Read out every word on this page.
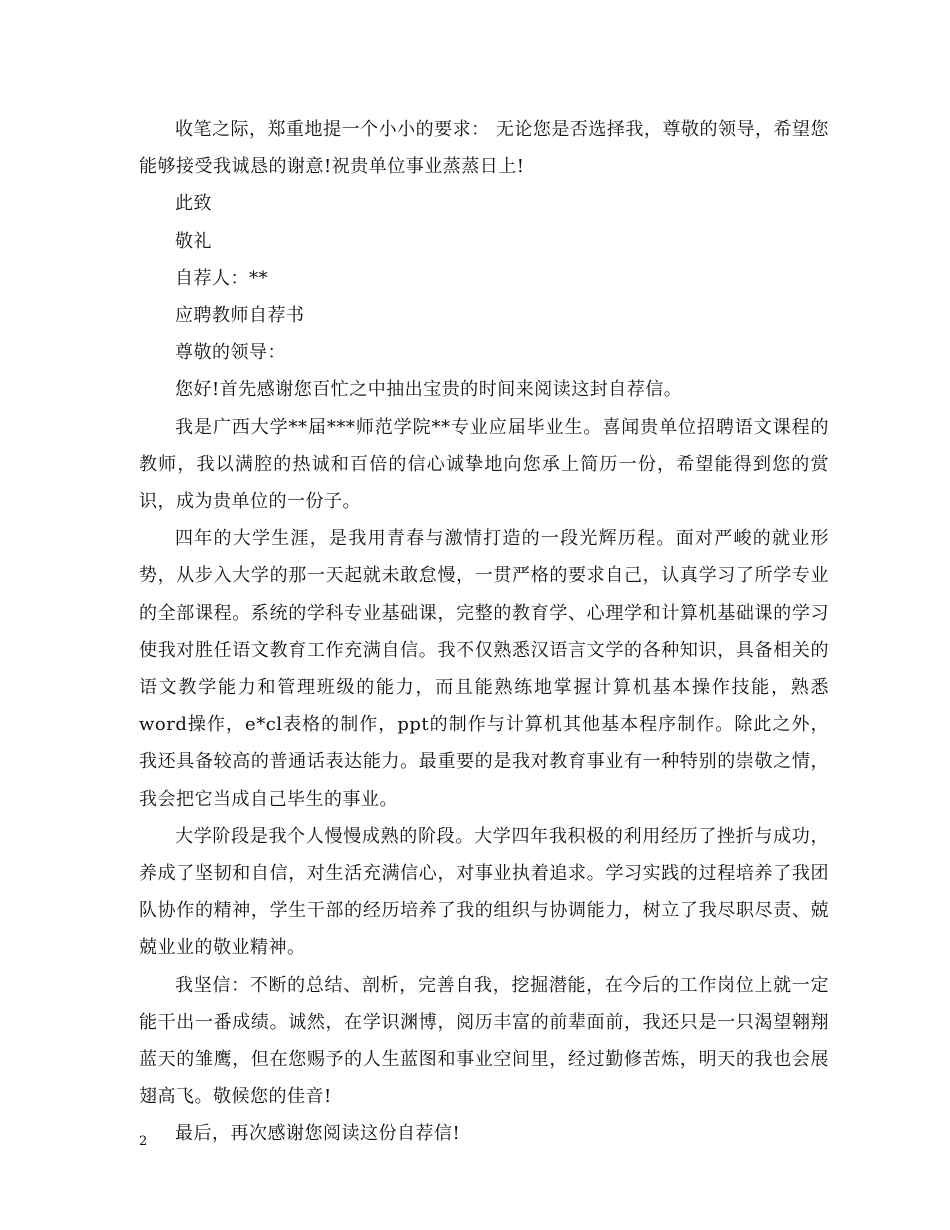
收笔之际，郑重地提一个小小的要求： 无论您是否选择我，尊敬的领导，希望您能够接受我诚恳的谢意!祝贵单位事业蒸蒸日上!

此致

敬礼

自荐人：**

应聘教师自荐书

尊敬的领导：

您好!首先感谢您百忙之中抽出宝贵的时间来阅读这封自荐信。

我是广西大学**届***师范学院**专业应届毕业生。喜闻贵单位招聘语文课程的教师，我以满腔的热诚和百倍的信心诚挚地向您承上简历一份，希望能得到您的赏识，成为贵单位的一份子。

四年的大学生涯，是我用青春与激情打造的一段光辉历程。面对严峻的就业形势，从步入大学的那一天起就未敢怠慢，一贯严格的要求自己，认真学习了所学专业的全部课程。系统的学科专业基础课，完整的教育学、心理学和计算机基础课的学习使我对胜任语文教育工作充满自信。我不仅熟悉汉语言文学的各种知识，具备相关的语文教学能力和管理班级的能力，而且能熟练地掌握计算机基本操作技能，熟悉word操作，e*cl表格的制作，ppt的制作与计算机其他基本程序制作。除此之外，我还具备较高的普通话表达能力。最重要的是我对教育事业有一种特别的崇敬之情，我会把它当成自己毕生的事业。

大学阶段是我个人慢慢成熟的阶段。大学四年我积极的利用经历了挫折与成功，养成了坚韧和自信，对生活充满信心，对事业执着追求。学习实践的过程培养了我团队协作的精神，学生干部的经历培养了我的组织与协调能力，树立了我尽职尽责、兢兢业业的敬业精神。

我坚信：不断的总结、剖析，完善自我，挖掘潜能，在今后的工作岗位上就一定能干出一番成绩。诚然，在学识渊博，阅历丰富的前辈面前，我还只是一只渴望翱翔蓝天的雏鹰，但在您赐予的人生蓝图和事业空间里，经过勤修苦炼，明天的我也会展翅高飞。敬候您的佳音!

最后，再次感谢您阅读这份自荐信!

2
